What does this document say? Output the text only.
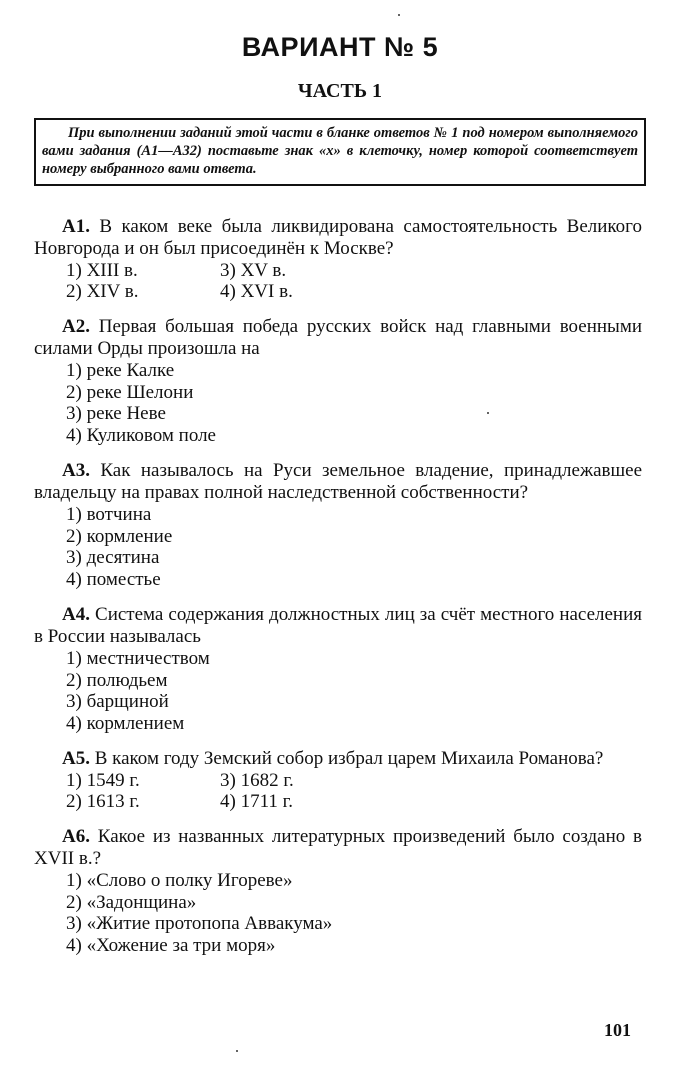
ВАРИАНТ № 5
ЧАСТЬ 1
При выполнении заданий этой части в бланке ответов № 1 под номером выполняемого вами задания (А1—А32) поставьте знак «х» в клеточку, номер которой соответствует номеру выбранного вами ответа.
А1. В каком веке была ликвидирована самостоятельность Великого Новгорода и он был присоединён к Москве?
1) XIII в.	3) XV в.
2) XIV в.	4) XVI в.
А2. Первая большая победа русских войск над главными военными силами Орды произошла на
1) реке Калке
2) реке Шелони
3) реке Неве
4) Куликовом поле
А3. Как называлось на Руси земельное владение, принадлежавшее владельцу на правах полной наследственной собственности?
1) вотчина
2) кормление
3) десятина
4) поместье
А4. Система содержания должностных лиц за счёт местного населения в России называлась
1) местничеством
2) полюдьем
3) барщиной
4) кормлением
А5. В каком году Земский собор избрал царем Михаила Романова?
1) 1549 г.	3) 1682 г.
2) 1613 г.	4) 1711 г.
А6. Какое из названных литературных произведений было создано в XVII в.?
1) «Слово о полку Игореве»
2) «Задонщина»
3) «Житие протопопа Аввакума»
4) «Хожение за три моря»
101
